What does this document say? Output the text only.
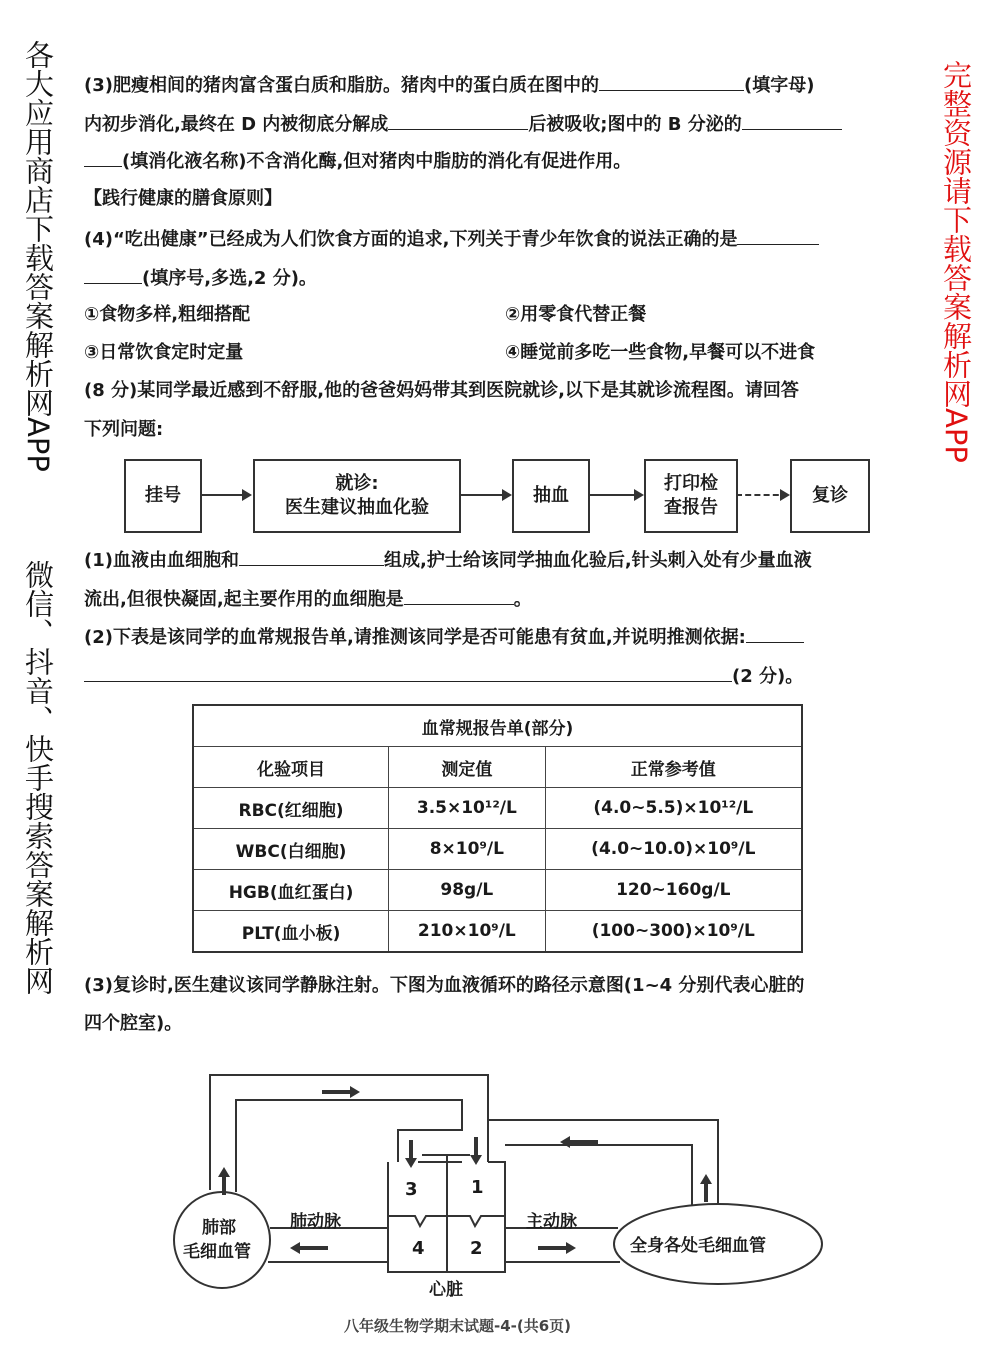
(3)肥瘦相间的猪肉富含蛋白质和脂肪。猪肉中的蛋白质在图中的	(填字母)
内初步消化,最终在 D 内被彻底分解成	后被吸收;图中的 B 分泌的
(填消化液名称)不含消化酶,但对猪肉中脂肪的消化有促进作用。
【践行健康的膳食原则】
(4)“吃出健康”已经成为人们饮食方面的追求,下列关于青少年饮食的说法正确的是
(填序号,多选,2 分)。
①食物多样,粗细搭配	②用零食代替正餐
③日常饮食定时定量	④睡觉前多吃一些食物,早餐可以不进食
(8 分)某同学最近感到不舒服,他的爸爸妈妈带其到医院就诊,以下是其就诊流程图。请回答
下列问题:
挂号
就诊:
医生建议抽血化验
抽血
打印检
查报告
复诊
(1)血液由血细胞和	组成,护士给该同学抽血化验后,针头刺入处有少量血液
流出,但很快凝固,起主要作用的血细胞是	。
(2)下表是该同学的血常规报告单,请推测该同学是否可能患有贫血,并说明推测依据:
(2 分)。
血常规报告单(部分)		
化验项目	测定值	正常参考值
RBC(红细胞)	3.5×10¹²/L	(4.0~5.5)×10¹²/L
WBC(白细胞)	8×10⁹/L	(4.0~10.0)×10⁹/L
HGB(血红蛋白)	98g/L	120~160g/L
PLT(血小板)	210×10⁹/L	(100~300)×10⁹/L
(3)复诊时,医生建议该同学静脉注射。下图为血液循环的路径示意图(1~4 分别代表心脏的
四个腔室)。
肺部
毛细血管
肺动脉	主动脉
全身各处毛细血管
心脏
1
2
3
4
八年级生物学期末试题-4-(共6页)
各大应用商店下载答案解析网APP	完整资源请下载答案解析网APP
微信、抖音、快手搜索答案解析网
